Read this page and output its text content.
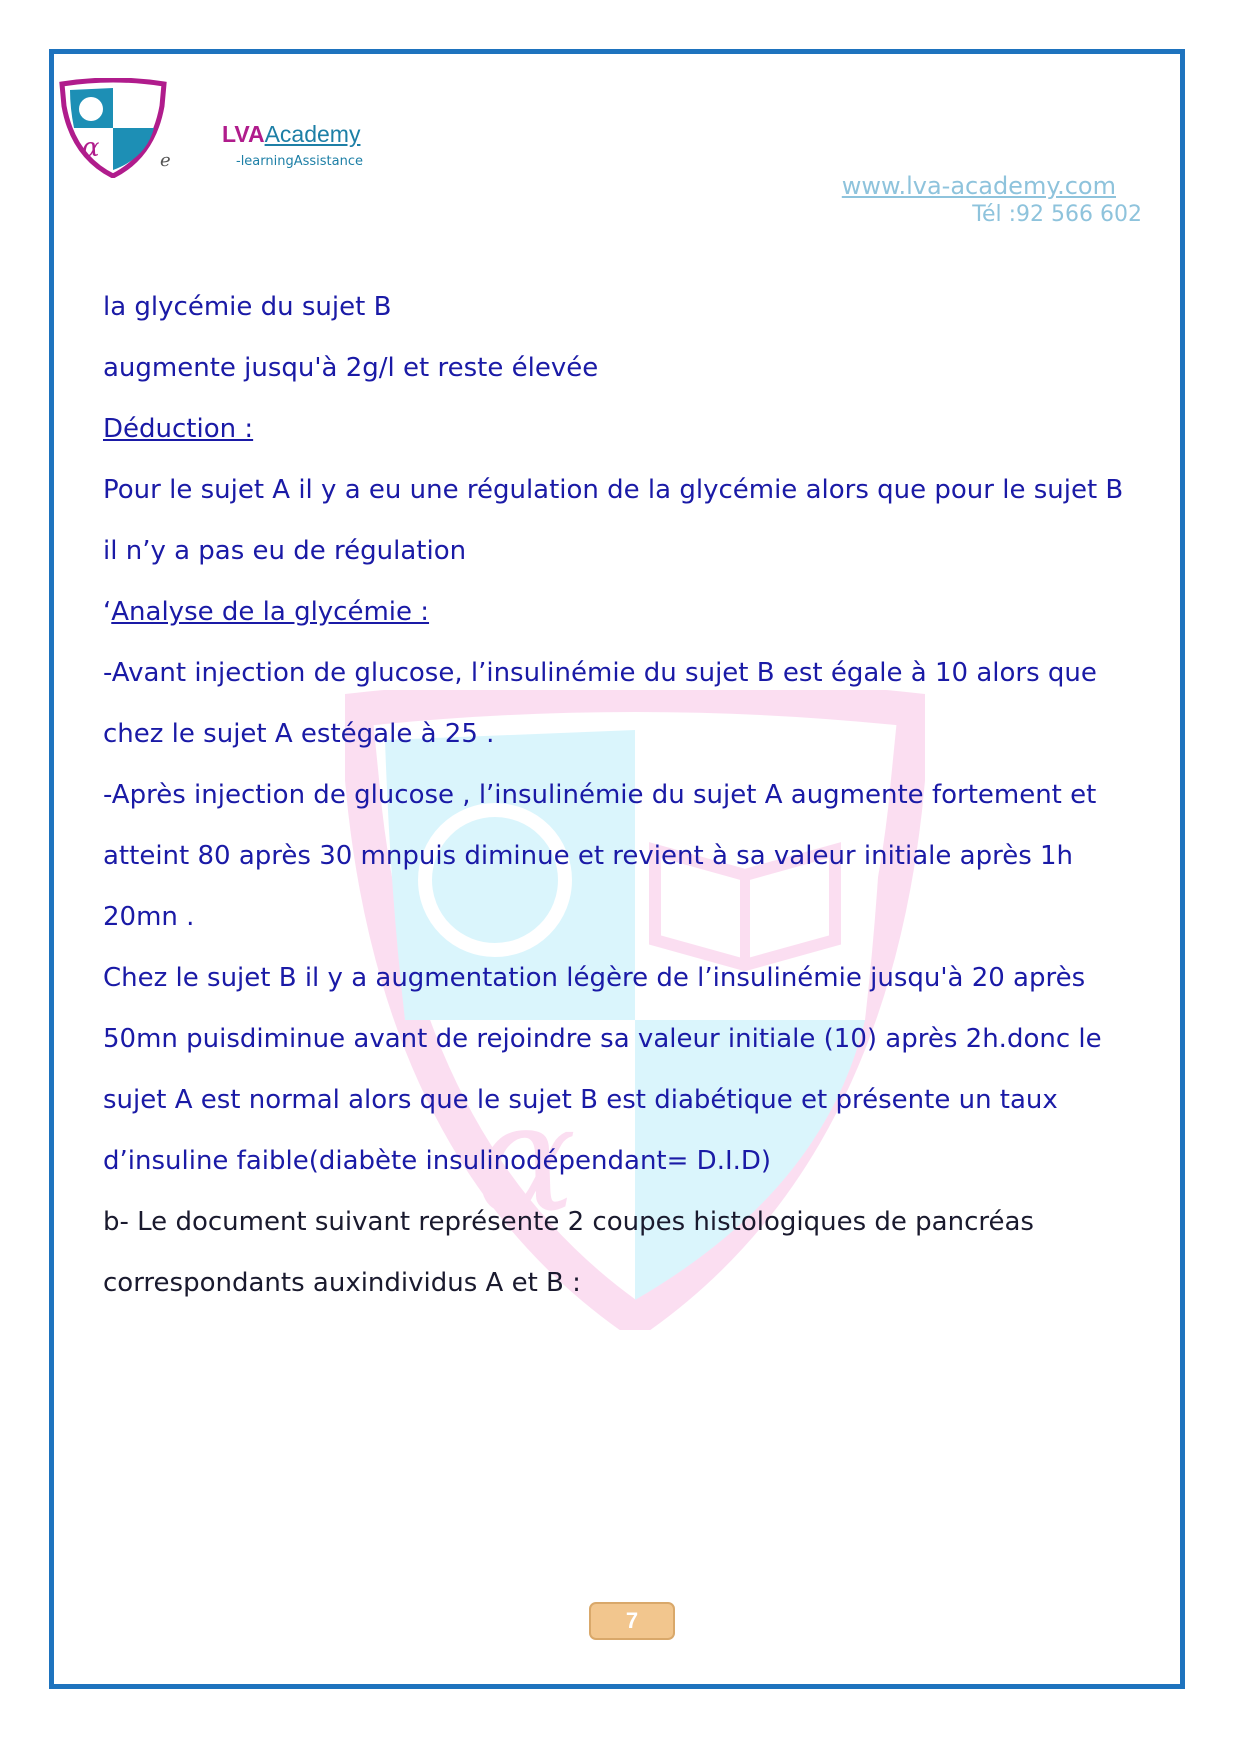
α
α	e
LVAAcademy
-learningAssistance
www.lva-academy.com
Tél :92 566 602
la glycémie du sujet B
augmente jusqu'à 2g/l et reste élevée
Déduction :
Pour le sujet A il y a eu une régulation de la glycémie alors que pour le sujet B
il n’y a pas eu de régulation
‘Analyse de la glycémie :
-Avant injection de glucose, l’insulinémie du sujet B est égale à 10 alors que
chez le sujet A estégale à 25 .
-Après injection de glucose , l’insulinémie du sujet A augmente fortement et
atteint 80 après 30 mnpuis diminue et revient à sa valeur initiale après 1h
20mn .
Chez le sujet B il y a augmentation légère de l’insulinémie jusqu'à 20 après
50mn puisdiminue avant de rejoindre sa valeur initiale (10) après 2h.donc le
sujet A est normal alors que le sujet B est diabétique et présente un taux
d’insuline faible(diabète insulinodépendant= D.I.D)
b- Le document suivant représente 2 coupes histologiques de pancréas
correspondants auxindividus A et B :
7
